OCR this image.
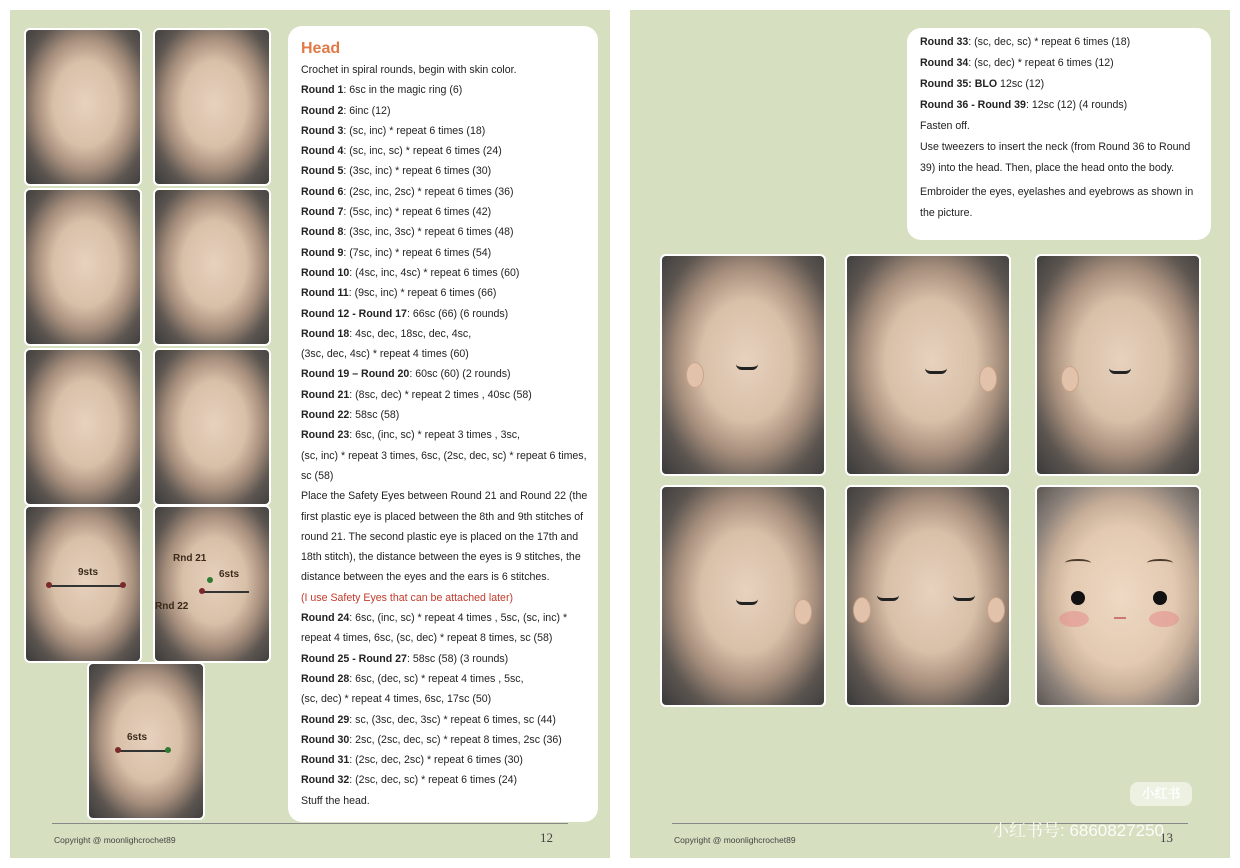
9sts
Rnd 21
6sts
Rnd 22
6sts
Head
Crochet in spiral rounds, begin with skin color.
Round 1: 6sc in the magic ring (6)
Round 2: 6inc (12)
Round 3: (sc, inc) * repeat 6 times (18)
Round 4: (sc, inc, sc) * repeat 6 times (24)
Round 5: (3sc, inc) * repeat 6 times (30)
Round 6: (2sc, inc, 2sc) * repeat 6 times (36)
Round 7: (5sc, inc) * repeat 6 times (42)
Round 8: (3sc, inc, 3sc) * repeat 6 times (48)
Round 9: (7sc, inc) * repeat 6 times (54)
Round 10: (4sc, inc, 4sc) * repeat 6 times (60)
Round 11: (9sc, inc) * repeat 6 times (66)
Round 12 - Round 17: 66sc (66) (6 rounds)
Round 18: 4sc, dec, 18sc, dec, 4sc,
(3sc, dec, 4sc) * repeat 4 times (60)
Round 19 – Round 20: 60sc (60) (2 rounds)
Round 21: (8sc, dec) * repeat 2 times , 40sc (58)
Round 22: 58sc (58)
Round 23: 6sc, (inc, sc) * repeat 3 times , 3sc,
(sc, inc) * repeat 3 times, 6sc, (2sc, dec, sc) * repeat 6 times,
sc (58)
Place the Safety Eyes between Round 21 and Round 22 (the
first plastic eye is placed between the 8th and 9th stitches of
round 21. The second plastic eye is placed on the 17th and
18th stitch), the distance between the eyes is 9 stitches, the
distance between the eyes and the ears is 6 stitches.
(I use Safety Eyes that can be attached later)
Round 24: 6sc, (inc, sc) * repeat 4 times , 5sc, (sc, inc) *
repeat 4 times, 6sc, (sc, dec) * repeat 8 times, sc (58)
Round 25 - Round 27: 58sc (58) (3 rounds)
Round 28: 6sc, (dec, sc) * repeat 4 times , 5sc,
(sc, dec) * repeat 4 times, 6sc, 17sc (50)
Round 29: sc, (3sc, dec, 3sc) * repeat 6 times, sc (44)
Round 30: 2sc, (2sc, dec, sc) * repeat 8 times, 2sc (36)
Round 31: (2sc, dec, 2sc) * repeat 6 times (30)
Round 32: (2sc, dec, sc) * repeat 6 times (24)
Stuff the head.
Copyright @ moonlighcrochet89	12
Round 33: (sc, dec, sc) * repeat 6 times (18)
Round 34: (sc, dec) * repeat 6 times (12)
Round 35: BLO 12sc (12)
Round 36 - Round 39: 12sc (12) (4 rounds)
Fasten off.
Use tweezers to insert the neck (from Round 36 to Round
39) into the head. Then, place the head onto the body.
Embroider the eyes, eyelashes and eyebrows as shown in
the picture.
Copyright @ moonlighcrochet89	13
小红书
小红书号: 6860827250
